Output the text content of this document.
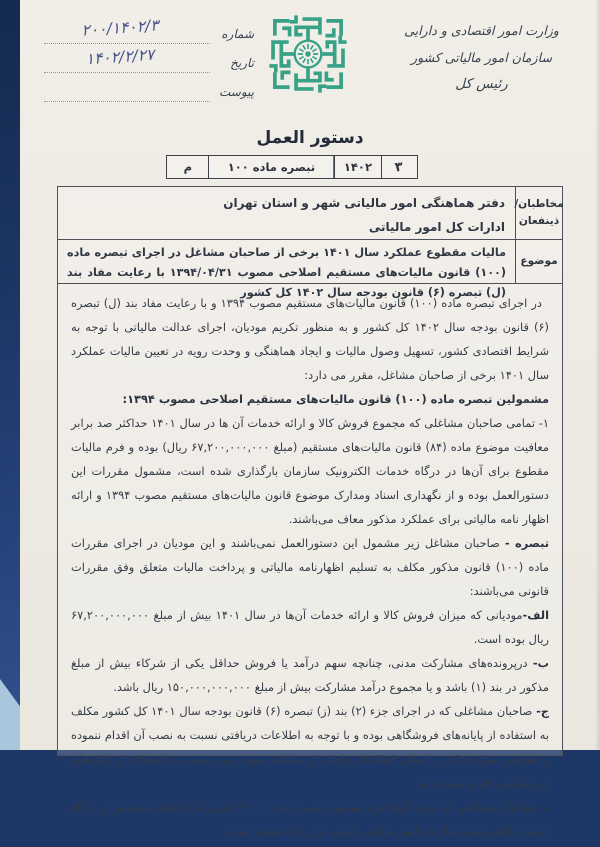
وزارت امور اقتصادی و دارایی
سازمان امور مالیاتی کشور
رئیس کل
شماره
۲۰۰/۱۴۰۲/۳
تاریخ
۱۴۰۲/۲/۲۷
پیوست
دستور العمل
۳
۱۴۰۲
تبصره ماده ۱۰۰
م
مخاطبان/
ذینفعان
دفتر هماهنگی امور مالیاتی شهر و استان تهران
ادارات کل امور مالیاتی
موضوع
مالیات مقطوع عملکرد سال ۱۴۰۱ برخی از صاحبان مشاغل در اجرای تبصره ماده (۱۰۰) قانون مالیات‌های مستقیم اصلاحی مصوب ۱۳۹۴/۰۴/۳۱ با رعایت مفاد بند (ل) تبصره (۶) قانون بودجه سال ۱۴۰۲ کل کشور

در اجرای تبصره ماده (۱۰۰) قانون مالیات‌های مستقیم مصوب ۱۳۹۴ و با رعایت مفاد بند (ل) تبصره (۶) قانون بودجه سال ۱۴۰۲ کل کشور و به منظور تکریم مودیان، اجرای عدالت مالیاتی با توجه به شرایط اقتصادی کشور، تسهیل وصول مالیات و ایجاد هماهنگی و وحدت رویه در تعیین مالیات عملکرد سال ۱۴۰۱ برخی از صاحبان مشاغل، مقرر می دارد:

مشمولین تبصره ماده (۱۰۰) قانون مالیات‌های مستقیم اصلاحی مصوب ۱۳۹۴:

۱- تمامی صاحبان مشاغلی که مجموع فروش کالا و ارائه خدمات آن ها در سال ۱۴۰۱ حداکثر صد برابر معافیت موضوع ماده (۸۴) قانون مالیات‌های مستقیم (مبلغ ۶۷,۲۰۰,۰۰۰,۰۰۰ ریال) بوده و فرم مالیات مقطوع برای آن‌ها در درگاه خدمات الکترونیک سازمان بارگذاری شده است، مشمول مقررات این دستورالعمل بوده و از نگهداری اسناد ومدارک موضوع قانون مالیات‌های مستقیم مصوب ۱۳۹۴ و ارائه اظهار نامه مالیاتی برای عملکرد مذکور معاف می‌باشند.

تبصره - صاحبان مشاغل زیر مشمول این دستورالعمل نمی‌باشند و این مودیان در اجرای مقررات ماده (۱۰۰) قانون مذکور مکلف به تسلیم اظهارنامه مالیاتی و پرداخت مالیات متعلق وفق مقررات قانونی می‌باشند:

الف-مودیانی که میزان فروش کالا و ارائه خدمات آن‌ها در سال ۱۴۰۱ بیش از مبلغ ۶۷,۲۰۰,۰۰۰,۰۰۰ ریال بوده است.

ب- درپرونده‌های مشارکت مدنی، چنانچه سهم درآمد یا فروش حداقل یکی از شرکاء بیش از مبلغ مذکور در بند (۱) باشد و یا مجموع درآمد مشارکت بیش از مبلغ ۱۵۰,۰۰۰,۰۰۰,۰۰۰ ریال باشد.

ج- صاحبان مشاغلی که در اجرای جزء (۲) بند (ز) تبصره (۶) قانون بودجه سال ۱۴۰۱ کل کشور مکلف به استفاده از پایانه‌های فروشگاهی بوده و با توجه به اطلاعات دریافتی نسبت به نصب آن اقدام ننموده و همچنین مواردی که بر اساس اطلاعات واصله از سامانه سوت زنی نسبت به استفاده از پایانه‌های فروشگاهی اقدام ننموده اند.

د- صاحبان مشاغلی که برای آن‌ها فرم موضوع تبصره ماده (۱۰۰) قانون مالیات‌های مستقیم در درگاه خدمات الکترونیکی سازمان امور مالیاتی کشور قرار داده نشده است.
